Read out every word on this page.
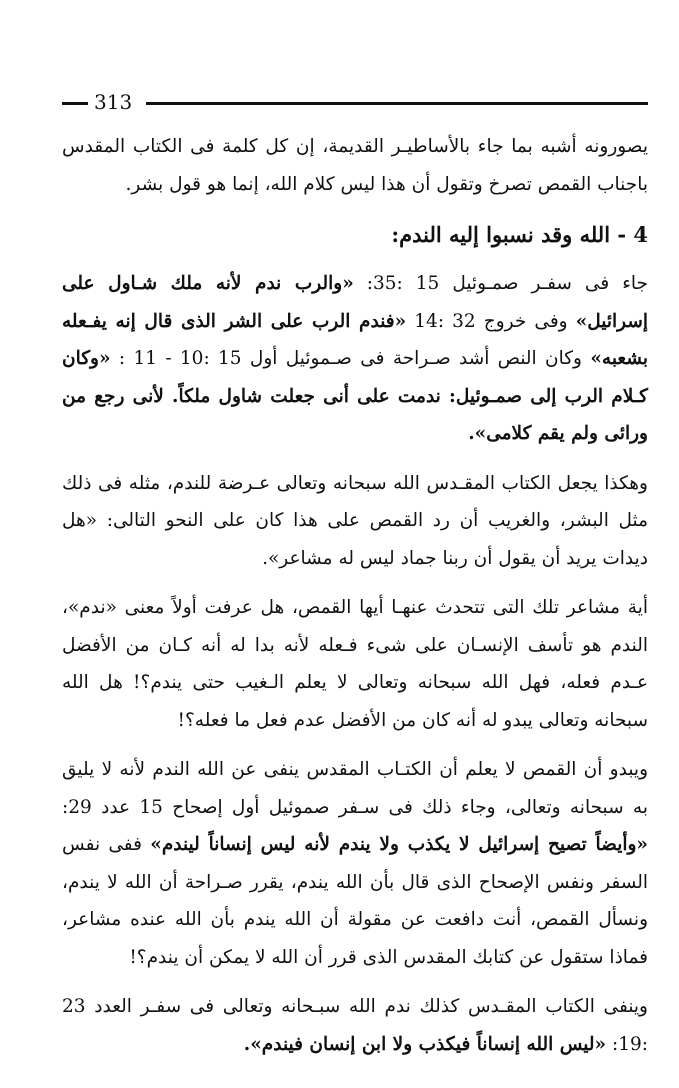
313

يصورونه أشبه بما جاء بالأساطيـر القديمة، إن كل كلمة فى الكتاب المقدس باجناب القمص تصرخ وتقول أن هذا ليس كلام الله، إنما هو قول بشر.

4 - الله وقد نسبوا إليه الندم:

جاء فى سفـر صمـوئيل 15 :35: «والرب ندم لأنه ملك شـاول على إسرائيل» وفى خروج 32 :14 «فندم الرب على الشر الذى قال إنه يفـعله بشعبه» وكان النص أشد صـراحة فى صـموئيل أول 15 :10 - 11 : «وكان كـلام الرب إلى صمـوئيل: ندمت على أنى جعلت شاول ملكاً. لأنى رجع من ورائى ولم يقم كلامى».

وهكذا يجعل الكتاب المقـدس الله سبحانه وتعالى عـرضة للندم، مثله فى ذلك مثل البشر، والغريب أن رد القمص على هذا كان على النحو التالى: «هل ديدات يريد أن يقول أن ربنا جماد ليس له مشاعر».

أية مشاعر تلك التى تتحدث عنهـا أيها القمص، هل عرفت أولاً معنى «ندم»، الندم هو تأسف الإنسـان على شىء فـعله لأنه بدا له أنه كـان من الأفضل عـدم فعله، فهل الله سبحانه وتعالى لا يعلم الـغيب حتى يندم؟! هل الله سبحانه وتعالى يبدو له أنه كان من الأفضل عدم فعل ما فعله؟!

ويبدو أن القمص لا يعلم أن الكتـاب المقدس ينفى عن الله الندم لأنه لا يليق به سبحانه وتعالى، وجاء ذلك فى سـفر صموئيل أول إصحاح 15 عدد 29: «وأيضاً تصيح إسرائيل لا يكذب ولا يندم لأنه ليس إنساناً ليندم» ففى نفس السفر ونفس الإصحاح الذى قال بأن الله يندم، يقرر صـراحة أن الله لا يندم، ونسأل القمص، أنت دافعت عن مقولة أن الله يندم بأن الله عنده مشاعر، فماذا ستقول عن كتابك المقدس الذى قرر أن الله لا يمكن أن يندم؟!

وينفى الكتاب المقـدس كذلك ندم الله سبـحانه وتعالى فى سفـر العدد 23 :19: «ليس الله إنساناً فيكذب ولا ابن إنسان فيندم».
